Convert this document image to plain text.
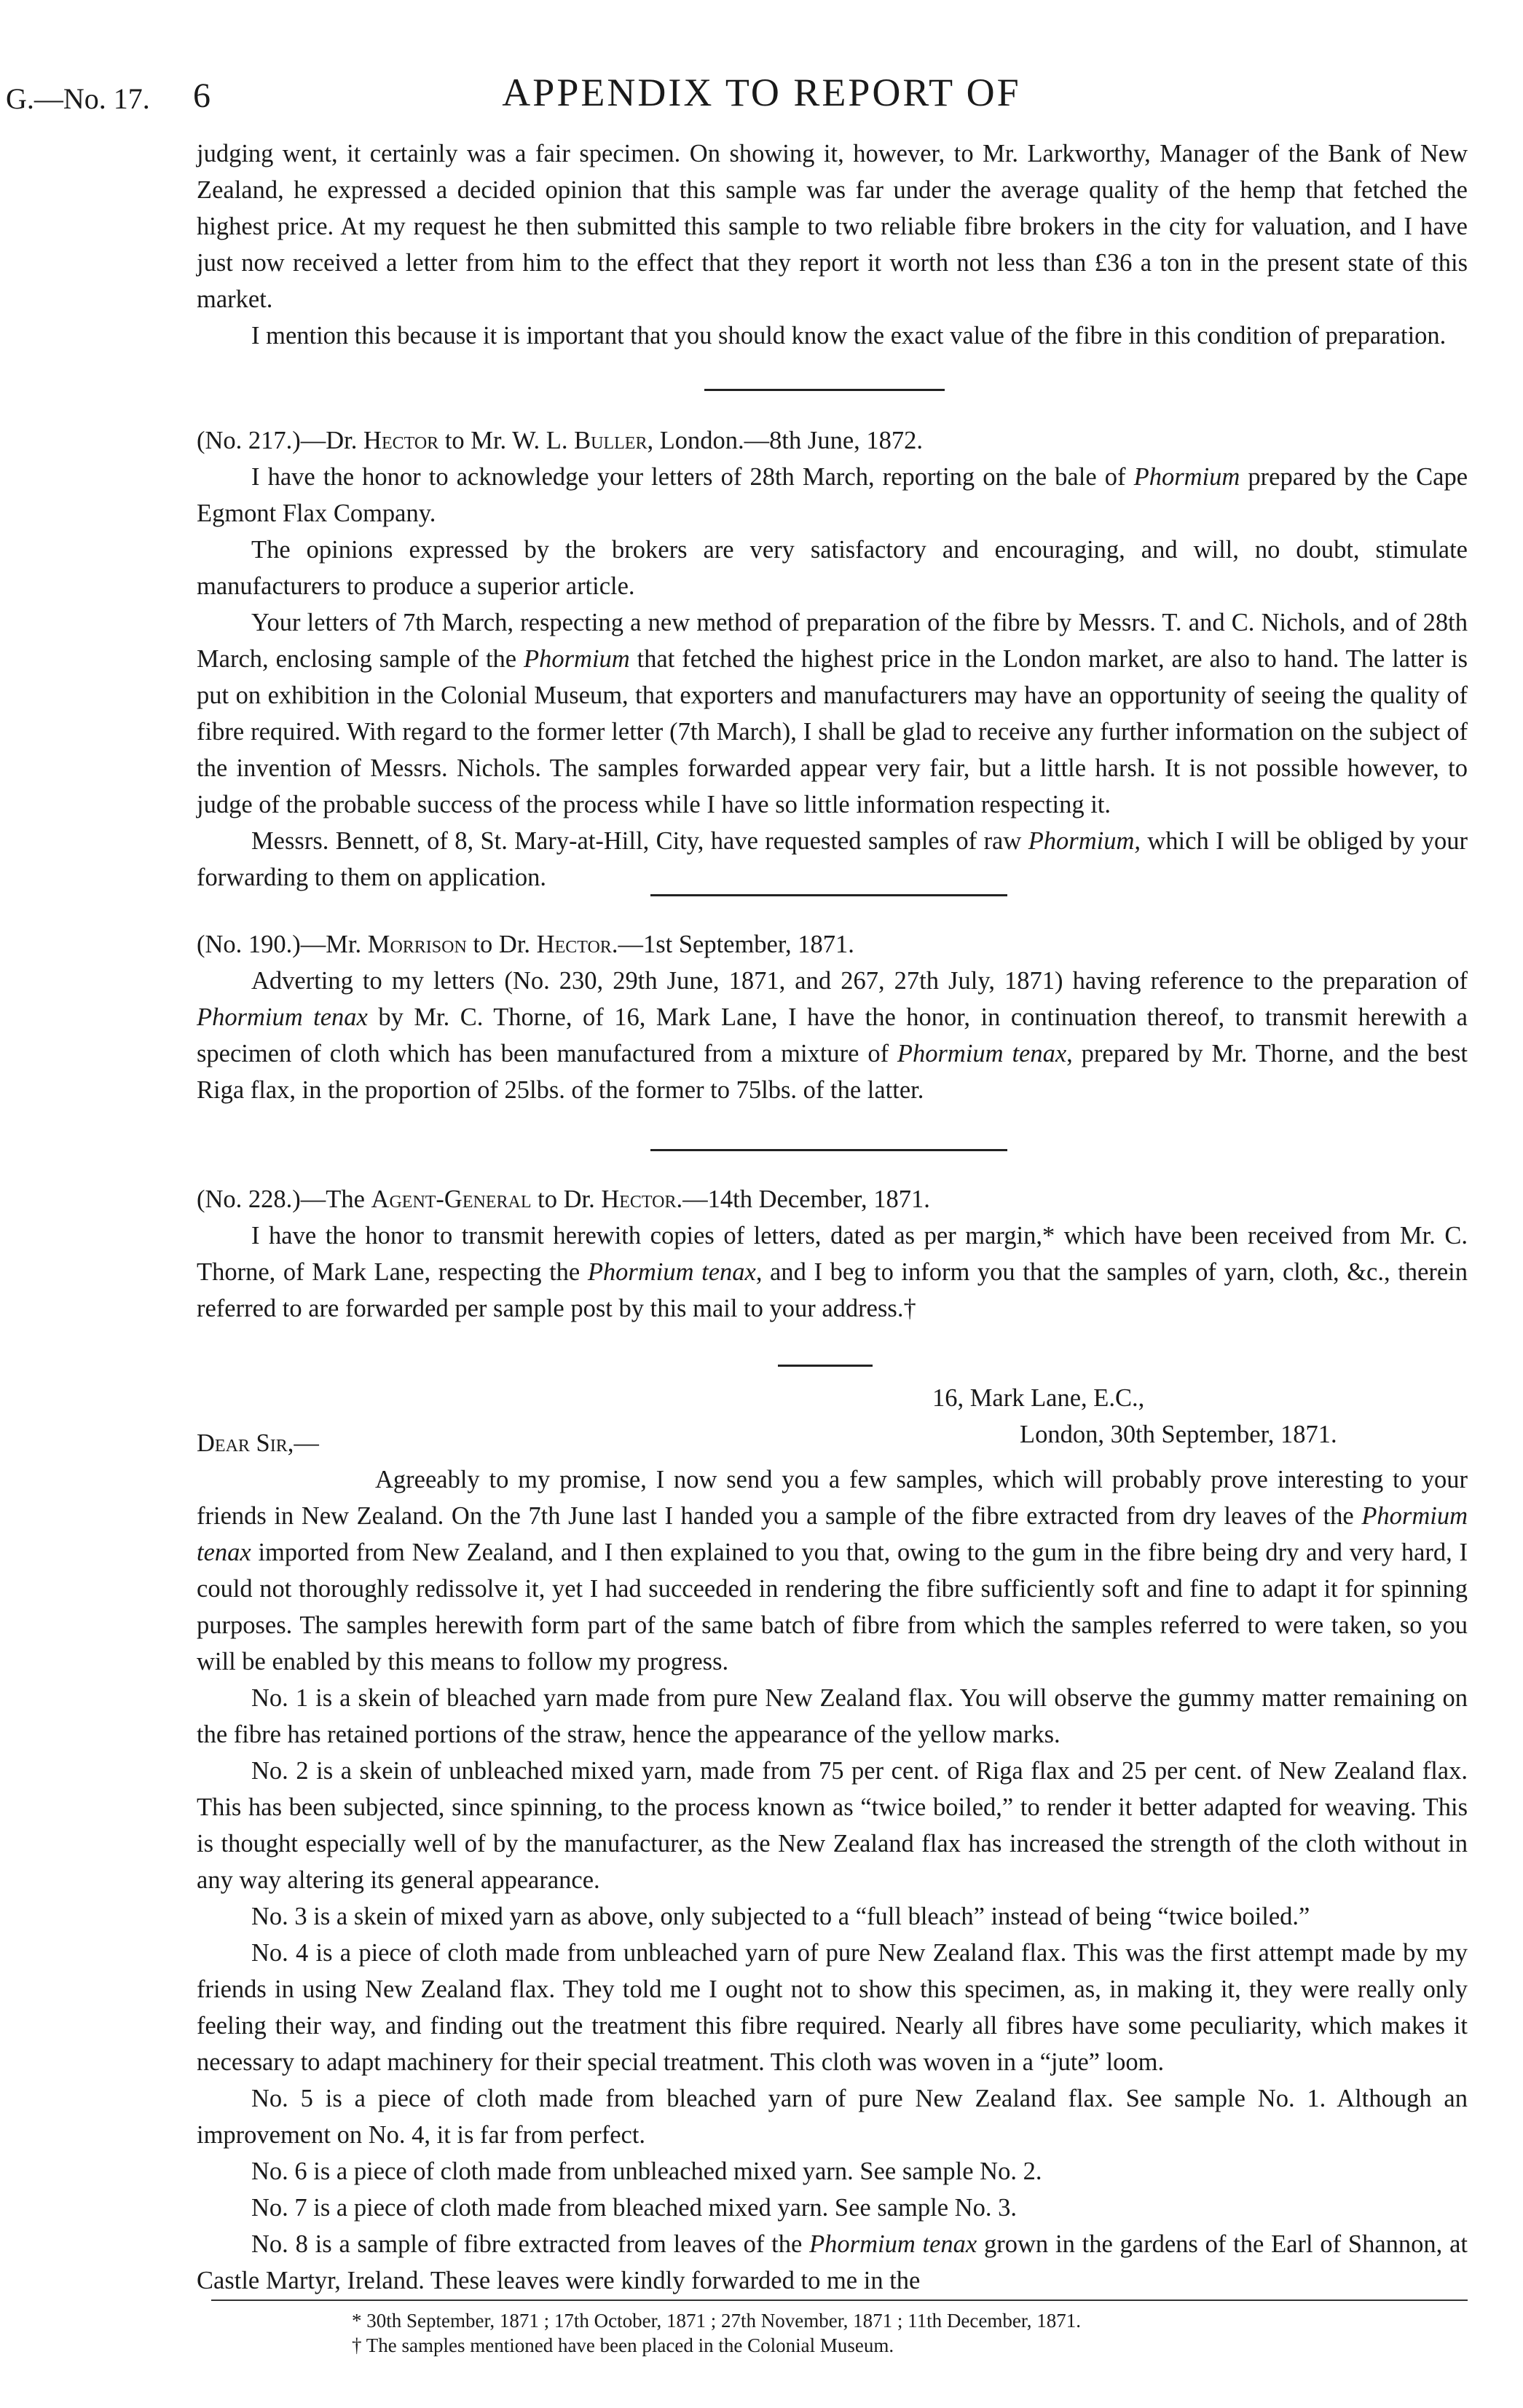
G.—No. 17. 6	APPENDIX TO REPORT OF

judging went, it certainly was a fair specimen. On showing it, however, to Mr. Larkworthy, Manager of the Bank of New Zealand, he expressed a decided opinion that this sample was far under the average quality of the hemp that fetched the highest price. At my request he then submitted this sample to two reliable fibre brokers in the city for valuation, and I have just now received a letter from him to the effect that they report it worth not less than £36 a ton in the present state of this market.

I mention this because it is important that you should know the exact value of the fibre in this condition of preparation.

(No. 217.)—Dr. Hector to Mr. W. L. Buller, London.—8th June, 1872.

I have the honor to acknowledge your letters of 28th March, reporting on the bale of Phormium prepared by the Cape Egmont Flax Company.

The opinions expressed by the brokers are very satisfactory and encouraging, and will, no doubt, stimulate manufacturers to produce a superior article.

Your letters of 7th March, respecting a new method of preparation of the fibre by Messrs. T. and C. Nichols, and of 28th March, enclosing sample of the Phormium that fetched the highest price in the London market, are also to hand. The latter is put on exhibition in the Colonial Museum, that exporters and manufacturers may have an opportunity of seeing the quality of fibre required. With regard to the former letter (7th March), I shall be glad to receive any further information on the subject of the invention of Messrs. Nichols. The samples forwarded appear very fair, but a little harsh. It is not possible however, to judge of the probable success of the process while I have so little information respecting it.

Messrs. Bennett, of 8, St. Mary-at-Hill, City, have requested samples of raw Phormium, which I will be obliged by your forwarding to them on application.

(No. 190.)—Mr. Morrison to Dr. Hector.—1st September, 1871.

Adverting to my letters (No. 230, 29th June, 1871, and 267, 27th July, 1871) having reference to the preparation of Phormium tenax by Mr. C. Thorne, of 16, Mark Lane, I have the honor, in continuation thereof, to transmit herewith a specimen of cloth which has been manufactured from a mixture of Phormium tenax, prepared by Mr. Thorne, and the best Riga flax, in the proportion of 25lbs. of the former to 75lbs. of the latter.

(No. 228.)—The Agent-General to Dr. Hector.—14th December, 1871.

I have the honor to transmit herewith copies of letters, dated as per margin,* which have been received from Mr. C. Thorne, of Mark Lane, respecting the Phormium tenax, and I beg to inform you that the samples of yarn, cloth, &c., therein referred to are forwarded per sample post by this mail to your address.†

16, Mark Lane, E.C.,

London, 30th September, 1871.

Dear Sir,—

Agreeably to my promise, I now send you a few samples, which will probably prove interesting to your friends in New Zealand. On the 7th June last I handed you a sample of the fibre extracted from dry leaves of the Phormium tenax imported from New Zealand, and I then explained to you that, owing to the gum in the fibre being dry and very hard, I could not thoroughly redissolve it, yet I had succeeded in rendering the fibre sufficiently soft and fine to adapt it for spinning purposes. The samples herewith form part of the same batch of fibre from which the samples referred to were taken, so you will be enabled by this means to follow my progress.

No. 1 is a skein of bleached yarn made from pure New Zealand flax. You will observe the gummy matter remaining on the fibre has retained portions of the straw, hence the appearance of the yellow marks.

No. 2 is a skein of unbleached mixed yarn, made from 75 per cent. of Riga flax and 25 per cent. of New Zealand flax. This has been subjected, since spinning, to the process known as “twice boiled,” to render it better adapted for weaving. This is thought especially well of by the manufacturer, as the New Zealand flax has increased the strength of the cloth without in any way altering its general appearance.

No. 3 is a skein of mixed yarn as above, only subjected to a “full bleach” instead of being “twice boiled.”

No. 4 is a piece of cloth made from unbleached yarn of pure New Zealand flax. This was the first attempt made by my friends in using New Zealand flax. They told me I ought not to show this specimen, as, in making it, they were really only feeling their way, and finding out the treatment this fibre required. Nearly all fibres have some peculiarity, which makes it necessary to adapt machinery for their special treatment. This cloth was woven in a “jute” loom.

No. 5 is a piece of cloth made from bleached yarn of pure New Zealand flax. See sample No. 1. Although an improvement on No. 4, it is far from perfect.

No. 6 is a piece of cloth made from unbleached mixed yarn. See sample No. 2.

No. 7 is a piece of cloth made from bleached mixed yarn. See sample No. 3.

No. 8 is a sample of fibre extracted from leaves of the Phormium tenax grown in the gardens of the Earl of Shannon, at Castle Martyr, Ireland. These leaves were kindly forwarded to me in the

* 30th September, 1871 ; 17th October, 1871 ; 27th November, 1871 ; 11th December, 1871.
† The samples mentioned have been placed in the Colonial Museum.
